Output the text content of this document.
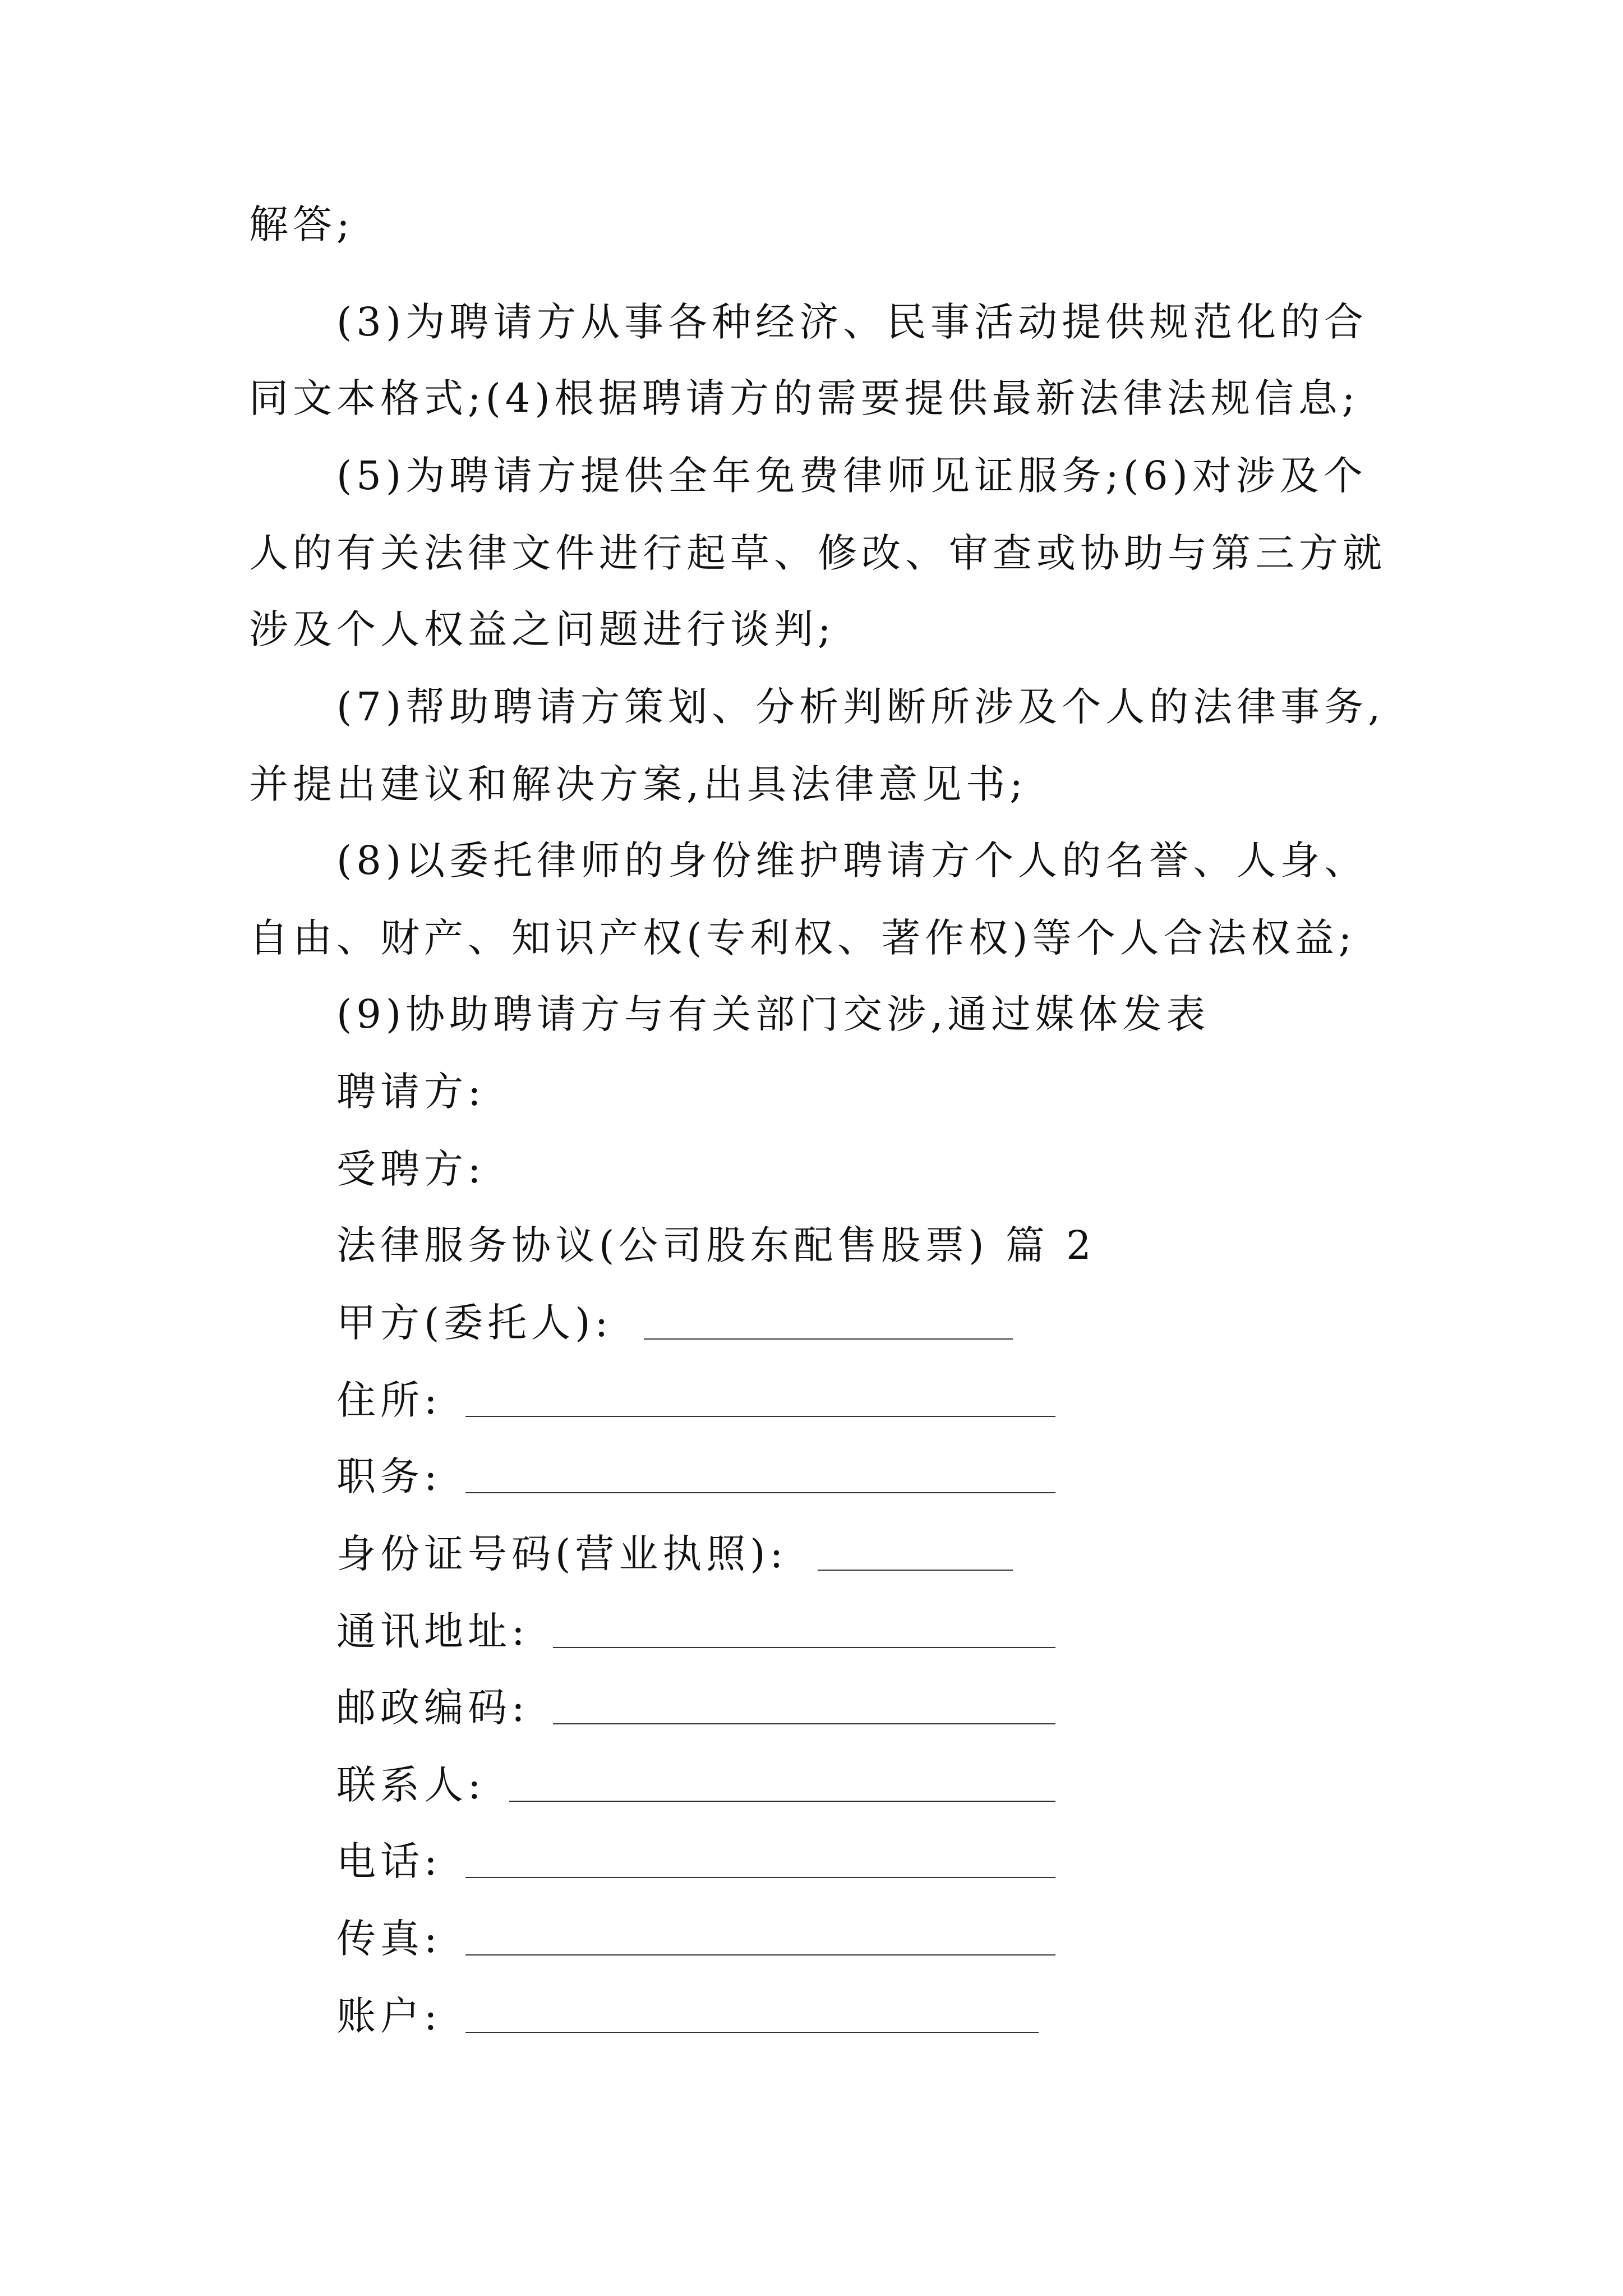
解答;
(3)为聘请方从事各种经济、民事活动提供规范化的合
同文本格式;(4)根据聘请方的需要提供最新法律法规信息;
(5)为聘请方提供全年免费律师见证服务;(6)对涉及个
人的有关法律文件进行起草、修改、审查或协助与第三方就
涉及个人权益之问题进行谈判;
(7)帮助聘请方策划、分析判断所涉及个人的法律事务,
并提出建议和解决方案,出具法律意见书;
(8)以委托律师的身份维护聘请方个人的名誉、人身、
自由、财产、知识产权(专利权、著作权)等个人合法权益;
(9)协助聘请方与有关部门交涉,通过媒体发表
聘请方:
受聘方:
法律服务协议(公司股东配售股票) 篇 2
甲方(委托人):
住所:
职务:
身份证号码(营业执照):
通讯地址:
邮政编码:
联系人:
电话:
传真:
账户:
